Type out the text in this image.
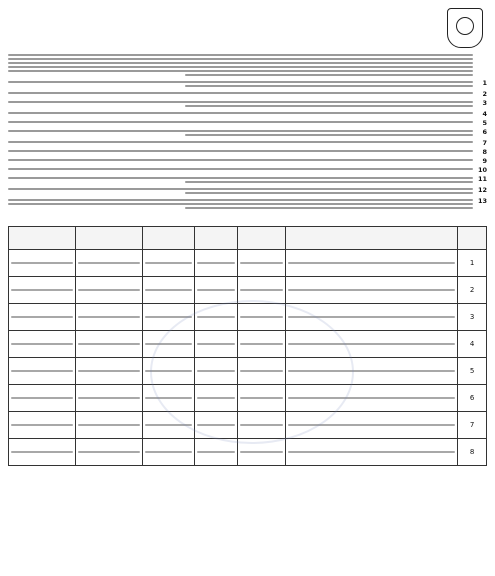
1
2
3
4
5
6
7
8
9
10
11
12
13

1	

2	

3	

4	

5	

6	

7	

8	
